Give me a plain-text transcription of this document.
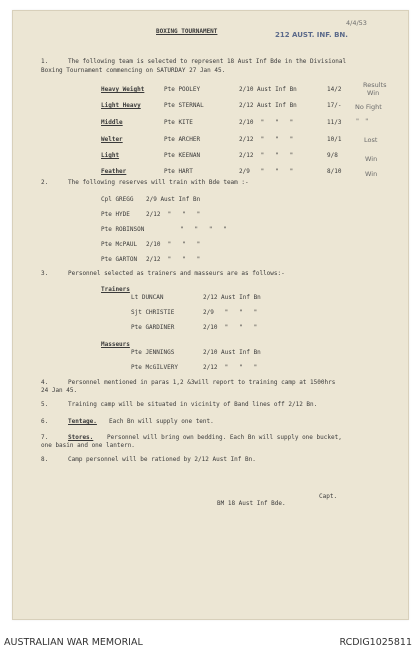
BOXING TOURNAMENT	212 AUST. INF. BN.
4/4/53
1.	The following team is selected to represent 18 Aust Inf Bde in the Divisional
Boxing Tournament commencing on SATURDAY 27 Jan 45.
Results
Heavy Weight	Pte POOLEY	2/10 Aust Inf Bn	14/2	Win
Light Heavy	Pte STERNAL	2/12 Aust Inf Bn	17/- No Fight
Middle	Pte KITE	2/10  "   "   "	11/3 "   "
Welter	Pte ARCHER	2/12  "   "   "	10/1	Lost
Light	Pte KEENAN	2/12  "   "   "	9/8	Win
Feather	Pte HART	2/9   "   "   "	8/10	Win
2.	The following reserves will train with Bde team :-
Cpl GREGG 2/9 Aust Inf Bn
Pte HYDE	2/12  "   "   "
Pte ROBINSON	"   "   "   "
Pte McPAUL 2/10  "   "   "
Pte GARTON 2/12  "   "   "
3.	Personnel selected as trainers and masseurs are as follows:-
Trainers
Lt DUNCAN	2/12 Aust Inf Bn
Sjt CHRISTIE	2/9   "   "   "
Pte GARDINER	2/10  "   "   "
Masseurs
Pte JENNINGS	2/10 Aust Inf Bn
Pte McGILVERY	2/12  "   "   "
4.	Personnel mentioned in paras 1,2 &3will report to training camp at 1500hrs
24 Jan 45.
5.	Training camp will be situated in vicinity of Band lines off 2/12 Bn.
6.	Tentage. Each Bn will supply one tent.
7.	Stores. Personnel will bring own bedding. Each Bn will supply one bucket,
one basin and one lantern.
8.	Camp personnel will be rationed by 2/12 Aust Inf Bn.
Capt.
BM 18 Aust Inf Bde.
AUSTRALIAN WAR MEMORIAL	RCDIG1025811
